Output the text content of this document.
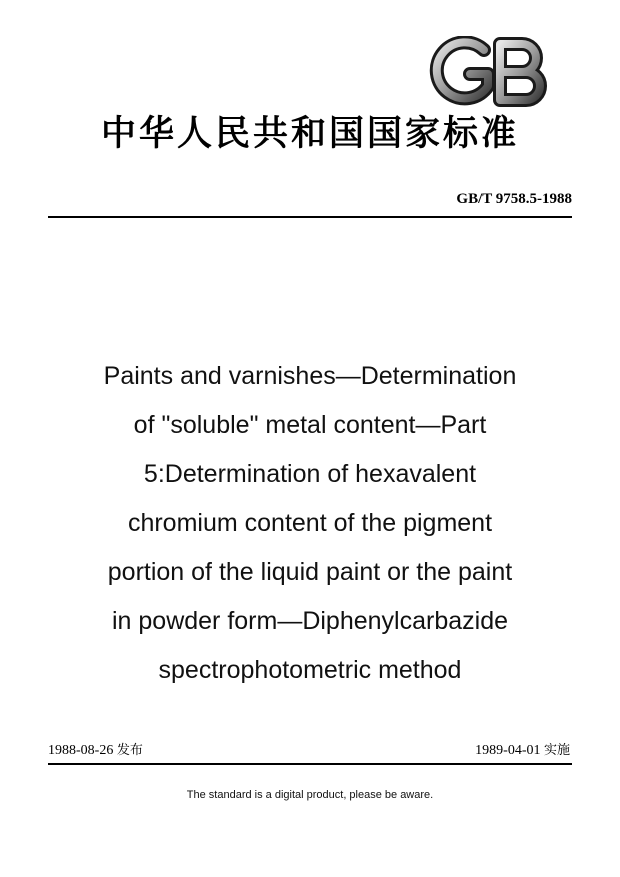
中华人民共和国国家标准
GB/T 9758.5-1988
Paints and varnishes—Determination
of "soluble" metal content—Part
5:Determination of hexavalent
chromium content of the pigment
portion of the liquid paint or the paint
in powder form—Diphenylcarbazide
spectrophotometric method
1988-08-26 发布	1989-04-01 实施
The standard is a digital product, please be aware.
